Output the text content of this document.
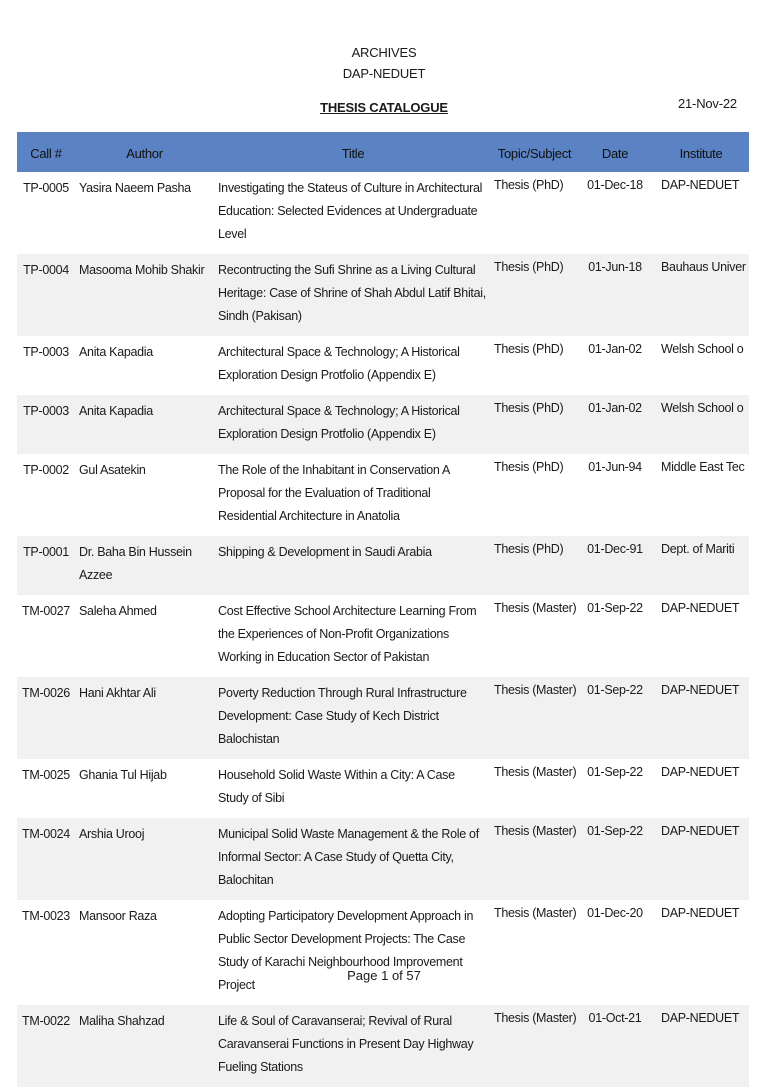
ARCHIVES
DAP-NEDUET
THESIS CATALOGUE	21-Nov-22
Call #	Author	Title	Topic/Subject	Date	Institute
TP-0005	Yasira Naeem Pasha	Investigating the Stateus of Culture in Architectural Education: Selected Evidences at Undergraduate Level	Thesis (PhD)	01-Dec-18	DAP-NEDUET
TP-0004	Masooma Mohib Shakir	Recontructing the Sufi Shrine as a Living Cultural Heritage: Case of Shrine of Shah Abdul Latif Bhitai, Sindh (Pakisan)	Thesis (PhD)	01-Jun-18	Bauhaus Univer
TP-0003	Anita Kapadia	Architectural Space & Technology; A Historical Exploration Design Protfolio (Appendix E)	Thesis (PhD)	01-Jan-02	Welsh School o
TP-0003	Anita Kapadia	Architectural Space & Technology; A Historical Exploration Design Protfolio (Appendix E)	Thesis (PhD)	01-Jan-02	Welsh School o
TP-0002	Gul Asatekin	The Role of the Inhabitant in Conservation A Proposal for the Evaluation of Traditional Residential Architecture in Anatolia	Thesis (PhD)	01-Jun-94	Middle East Tec
TP-0001	Dr. Baha Bin Hussein Azzee	Shipping & Development in Saudi Arabia	Thesis (PhD)	01-Dec-91	Dept. of Mariti
TM-0027	Saleha Ahmed	Cost Effective School Architecture Learning From the Experiences of Non-Profit Organizations Working in Education Sector of Pakistan	Thesis (Master)	01-Sep-22	DAP-NEDUET
TM-0026	Hani Akhtar Ali	Poverty Reduction Through Rural Infrastructure Development: Case Study of Kech District Balochistan	Thesis (Master)	01-Sep-22	DAP-NEDUET
TM-0025	Ghania Tul Hijab	Household Solid Waste Within a City: A Case Study of Sibi	Thesis (Master)	01-Sep-22	DAP-NEDUET
TM-0024	Arshia Urooj	Municipal Solid Waste Management & the Role of Informal Sector: A Case Study of Quetta City, Balochitan	Thesis (Master)	01-Sep-22	DAP-NEDUET
TM-0023	Mansoor Raza	Adopting Participatory Development Approach in Public Sector Development Projects: The Case Study of Karachi Neighbourhood Improvement Project	Thesis (Master)	01-Dec-20	DAP-NEDUET
TM-0022	Maliha Shahzad	Life & Soul of Caravanserai; Revival of Rural Caravanserai Functions in Present Day Highway Fueling Stations	Thesis (Master)	01-Oct-21	DAP-NEDUET
Page 1 of 57
